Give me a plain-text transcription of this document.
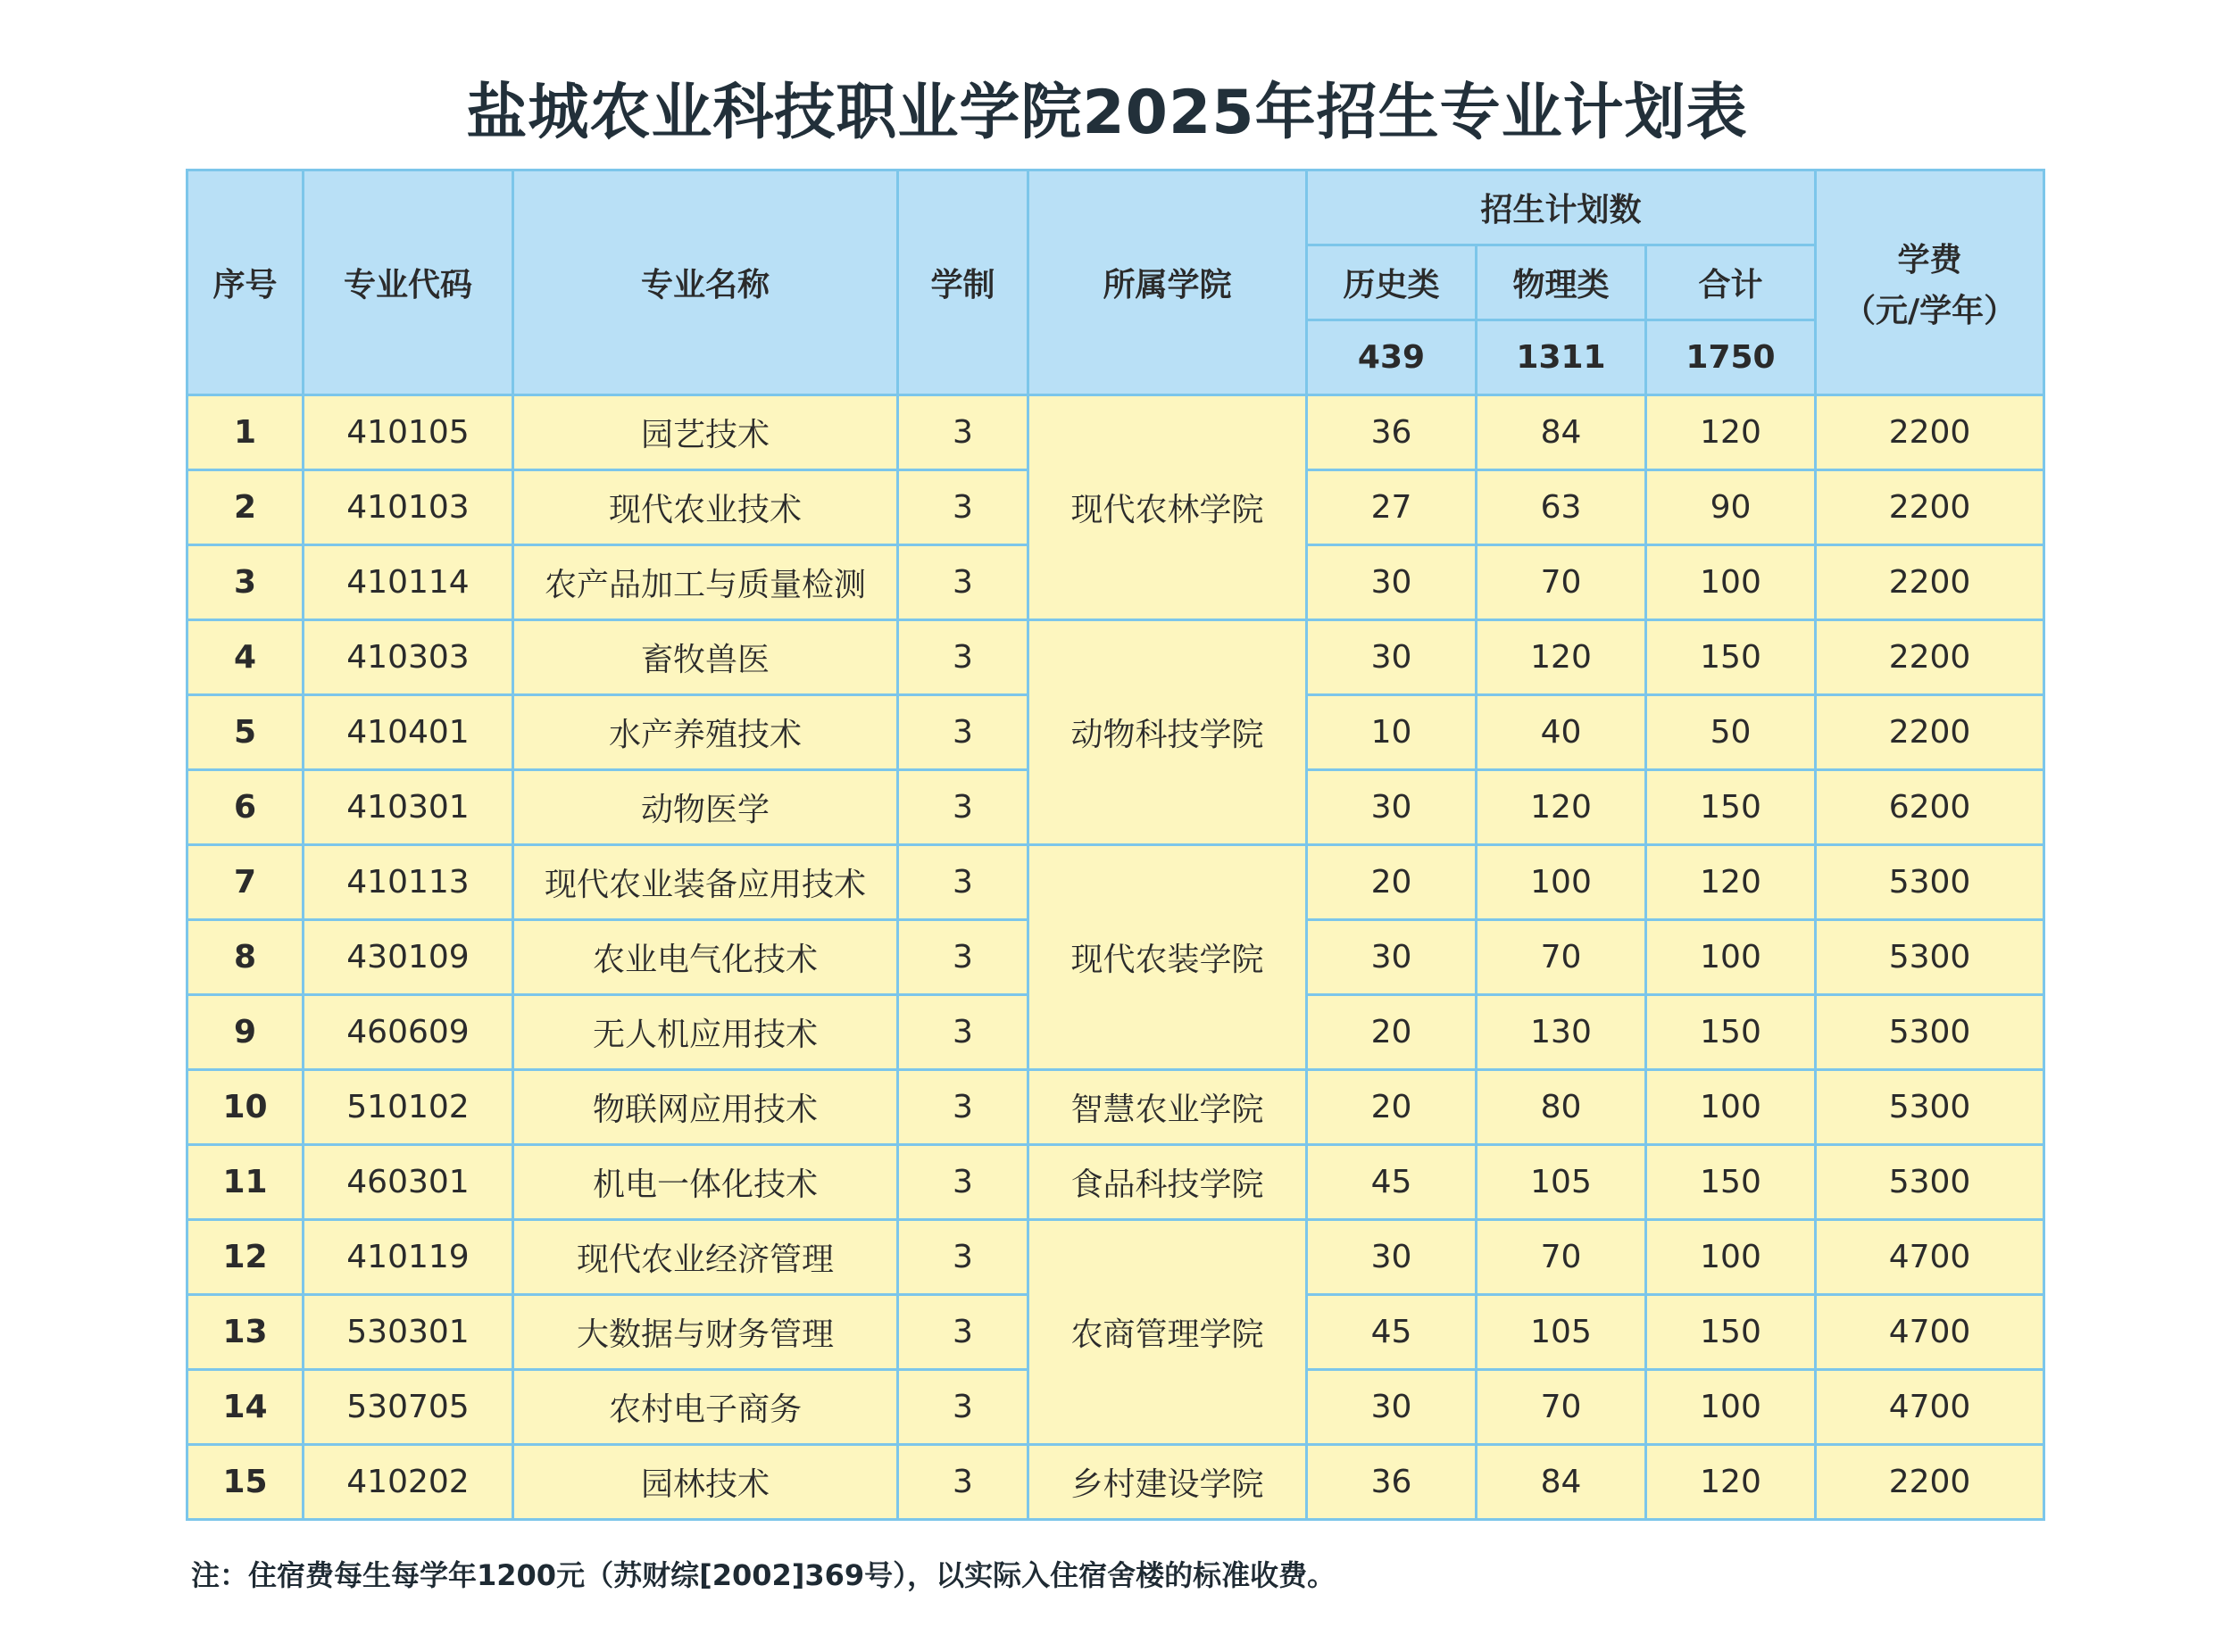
盐城农业科技职业学院2025年招生专业计划表
序号	专业代码	专业名称	学制	所属学院	招生计划数			学费
（元/学年）

					历史类	物理类	合计	
					439	1311	1750	
1	410105	园艺技术	3	现代农林学院	36	84	120	2200
2	410103	现代农业技术	3		27	63	90	2200
3	410114	农产品加工与质量检测	3		30	70	100	2200
4	410303	畜牧兽医	3	动物科技学院	30	120	150	2200
5	410401	水产养殖技术	3		10	40	50	2200
6	410301	动物医学	3		30	120	150	6200
7	410113	现代农业装备应用技术	3	现代农装学院	20	100	120	5300
8	430109	农业电气化技术	3		30	70	100	5300
9	460609	无人机应用技术	3		20	130	150	5300
10	510102	物联网应用技术	3	智慧农业学院	20	80	100	5300
11	460301	机电一体化技术	3	食品科技学院	45	105	150	5300
12	410119	现代农业经济管理	3	农商管理学院	30	70	100	4700
13	530301	大数据与财务管理	3		45	105	150	4700
14	530705	农村电子商务	3		30	70	100	4700
15	410202	园林技术	3	乡村建设学院	36	84	120	2200
注：住宿费每生每学年1200元（苏财综[2002]369号），以实际入住宿舍楼的标准收费。
